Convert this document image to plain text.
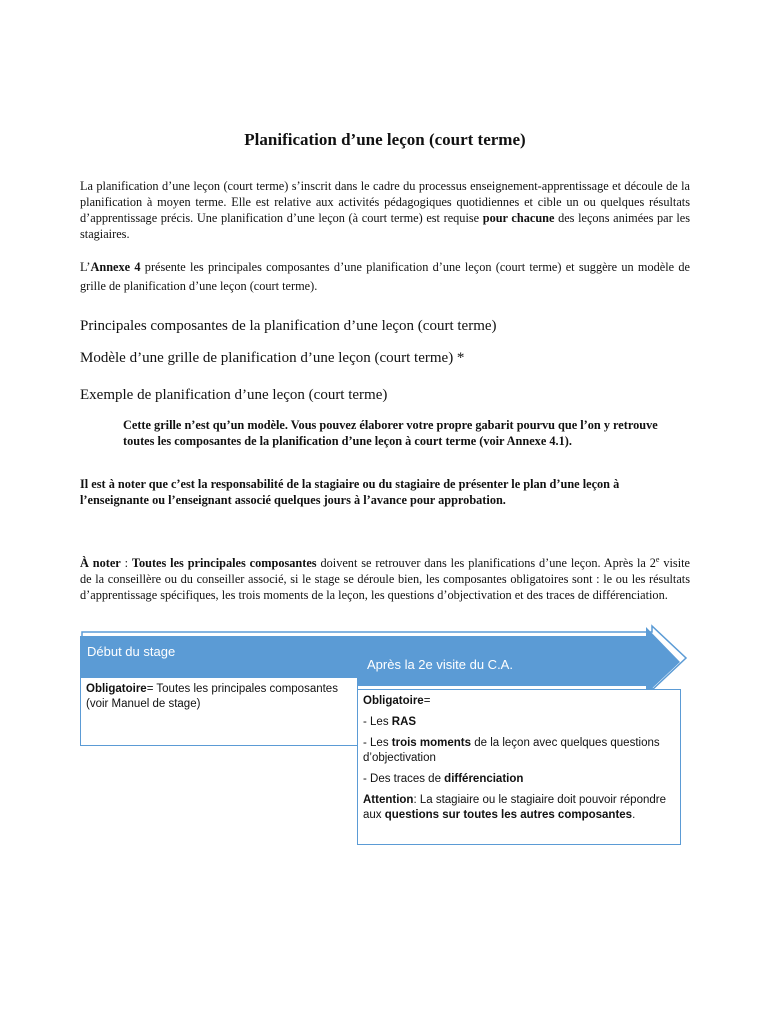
Planification d’une leçon (court terme)
La planification d’une leçon (court terme) s’inscrit dans le cadre du processus enseignement-apprentissage et découle de la planification à moyen terme. Elle est relative aux activités pédagogiques quotidiennes et cible un ou quelques résultats d’apprentissage précis. Une planification d’une leçon (à court terme) est requise pour chacune des leçons animées par les stagiaires.
L’Annexe 4 présente les principales composantes d’une planification d’une leçon (court terme) et suggère un modèle de grille de planification d’une leçon (court terme).
Principales composantes de la planification d’une leçon (court terme)
Modèle d’une grille de planification d’une leçon (court terme) *
Exemple de planification d’une leçon (court terme)
Cette grille n’est qu’un modèle. Vous pouvez élaborer votre propre gabarit pourvu que l’on y retrouve toutes les composantes de la planification d’une leçon à court terme (voir Annexe 4.1).
Il est à noter que c’est la responsabilité de la stagiaire ou du stagiaire de présenter le plan d’une leçon à l’enseignante ou l’enseignant associé quelques jours à l’avance pour approbation.
À noter : Toutes les principales composantes doivent se retrouver dans les planifications d’une leçon. Après la 2e visite de la conseillère ou du conseiller associé, si le stage se déroule bien, les composantes obligatoires sont : le ou les résultats d’apprentissage spécifiques, les trois moments de la leçon, les questions d’objectivation et des traces de différenciation.
Début du stage
Après la 2e visite du C.A.
Obligatoire= Toutes les principales composantes (voir Manuel de stage)	Obligatoire=

- Les RAS

- Les trois moments de la leçon avec quelques questions d’objectivation

- Des traces de différenciation

Attention: La stagiaire ou le stagiaire doit pouvoir répondre aux questions sur toutes les autres composantes.
